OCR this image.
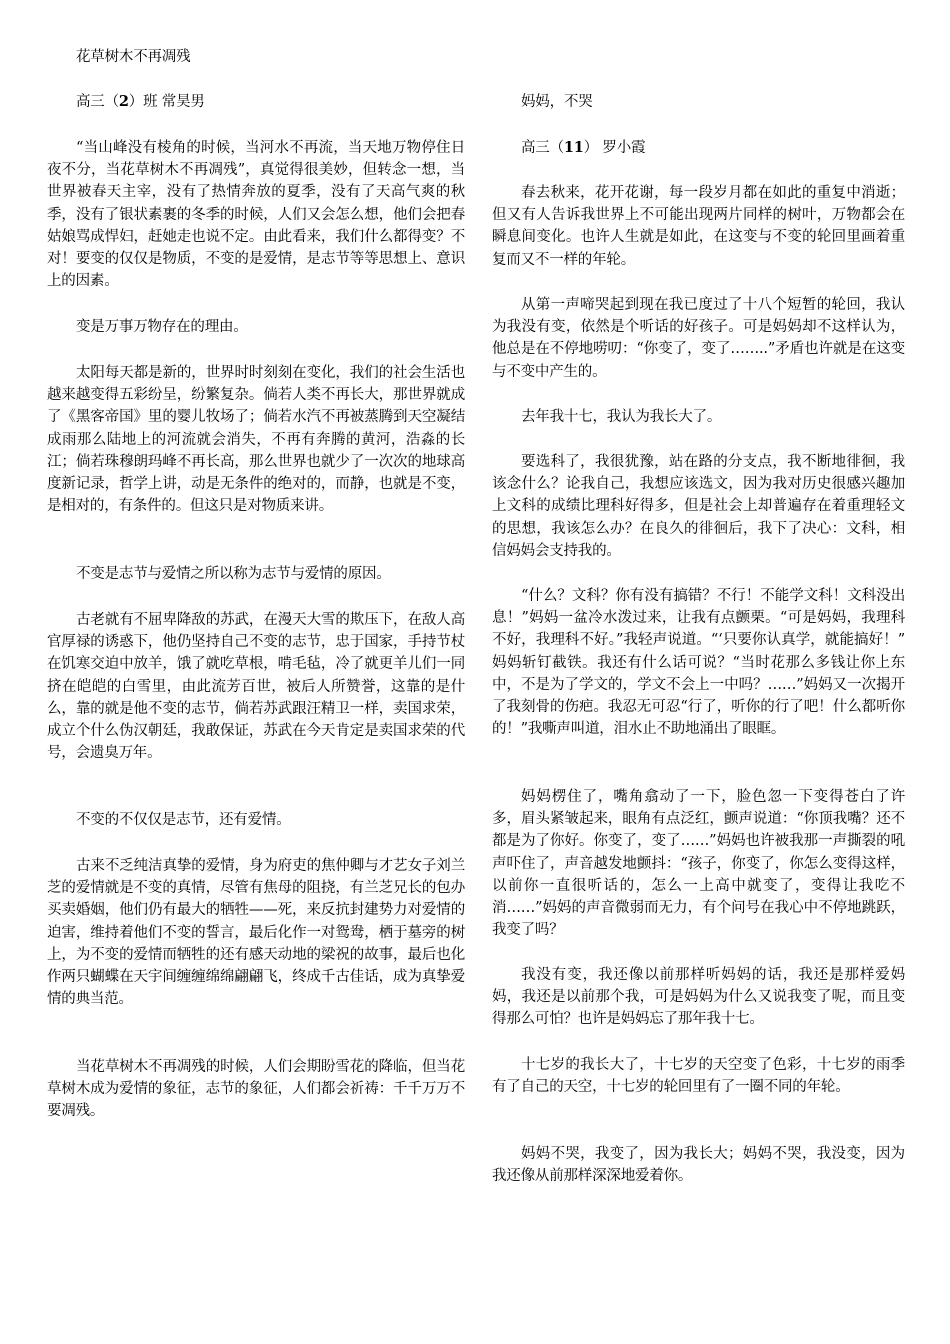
花草树木不再凋残

高三（2）班 常昊男

“当山峰没有棱角的时候，当河水不再流，当天地万物停住日夜不分，当花草树木不再凋残”，真觉得很美妙，但转念一想，当世界被春天主宰，没有了热情奔放的夏季，没有了天高气爽的秋季，没有了银状素裹的冬季的时候，人们又会怎么想，他们会把春姑娘骂成悍妇，赶她走也说不定。由此看来，我们什么都得变？不对！要变的仅仅是物质，不变的是爱情，是志节等等思想上、意识上的因素。

变是万事万物存在的理由。

太阳每天都是新的，世界时时刻刻在变化，我们的社会生活也越来越变得五彩纷呈，纷繁复杂。倘若人类不再长大，那世界就成了《黑客帝国》里的婴儿牧场了；倘若水汽不再被蒸腾到天空凝结成雨那么陆地上的河流就会消失，不再有奔腾的黄河，浩淼的长江；倘若珠穆朗玛峰不再长高，那么世界也就少了一次次的地球高度新记录，哲学上讲，动是无条件的绝对的，而静，也就是不变，是相对的，有条件的。但这只是对物质来讲。

不变是志节与爱情之所以称为志节与爱情的原因。

古老就有不屈卑降敌的苏武，在漫天大雪的欺压下，在敌人高官厚禄的诱惑下，他仍坚持自己不变的志节，忠于国家，手持节杖在饥寒交迫中放羊，饿了就吃草根，啃毛毡，冷了就更羊儿们一同挤在皑皑的白雪里，由此流芳百世，被后人所赞誉，这靠的是什么，靠的就是他不变的志节，倘若苏武跟汪精卫一样，卖国求荣，成立个什么伪汉朝廷，我敢保证，苏武在今天肯定是卖国求荣的代号，会遗臭万年。

不变的不仅仅是志节，还有爱情。

古来不乏纯洁真挚的爱情，身为府吏的焦仲卿与才艺女子刘兰芝的爱情就是不变的真情，尽管有焦母的阻挠，有兰芝兄长的包办买卖婚姻，他们仍有最大的牺牲——死，来反抗封建势力对爱情的迫害，维持着他们不变的誓言，最后化作一对鸳鸯，栖于墓旁的树上，为不变的爱情而牺牲的还有感天动地的梁祝的故事，最后也化作两只蝴蝶在天宇间缠缠绵绵翩翩飞，终成千古佳话，成为真挚爱情的典当范。

当花草树木不再凋残的时候，人们会期盼雪花的降临，但当花草树木成为爱情的象征，志节的象征，人们都会祈祷：千千万万不要凋残。

妈妈，不哭

高三（11） 罗小霞

春去秋来，花开花谢，每一段岁月都在如此的重复中消逝；但又有人告诉我世界上不可能出现两片同样的树叶，万物都会在瞬息间变化。也许人生就是如此，在这变与不变的轮回里画着重复而又不一样的年轮。

从第一声啼哭起到现在我已度过了十八个短暂的轮回，我认为我没有变，依然是个听话的好孩子。可是妈妈却不这样认为，他总是在不停地唠叨：“你变了，变了……..”矛盾也许就是在这变与不变中产生的。

去年我十七，我认为我长大了。

要选科了，我很犹豫，站在路的分支点，我不断地徘徊，我该念什么？论我自己，我想应该选文，因为我对历史很感兴趣加上文科的成绩比理科好得多，但是社会上却普遍存在着重理轻文的思想，我该怎么办？在良久的徘徊后，我下了决心：文科，相信妈妈会支持我的。

“什么？文科？你有没有搞错？不行！不能学文科！文科没出息！”妈妈一盆冷水泼过来，让我有点颤栗。“可是妈妈，我理科不好，我理科不好。”我轻声说道。“‘只要你认真学，就能搞好！” 妈妈斩钉截铁。我还有什么话可说？“当时花那么多钱让你上东中，不是为了学文的，学文不会上一中吗？……”妈妈又一次揭开了我刻骨的伤疤。我忍无可忍“行了，听你的行了吧！什么都听你的！”我嘶声叫道，泪水止不助地涌出了眼眶。

妈妈楞住了，嘴角翕动了一下，脸色忽一下变得苍白了许多，眉头紧皱起来，眼角有点泛红，颤声说道：“你顶我嘴？还不都是为了你好。你变了，变了……”妈妈也许被我那一声撕裂的吼声吓住了，声音越发地颤抖：“孩子，你变了，你怎么变得这样，以前你一直很听话的，怎么一上高中就变了，变得让我吃不消……”妈妈的声音微弱而无力，有个问号在我心中不停地跳跃，我变了吗？

我没有变，我还像以前那样听妈妈的话，我还是那样爱妈妈，我还是以前那个我，可是妈妈为什么又说我变了呢，而且变得那么可怕？也许是妈妈忘了那年我十七。

十七岁的我长大了，十七岁的天空变了色彩，十七岁的雨季有了自己的天空，十七岁的轮回里有了一圈不同的年轮。

妈妈不哭，我变了，因为我长大；妈妈不哭，我没变，因为我还像从前那样深深地爱着你。
